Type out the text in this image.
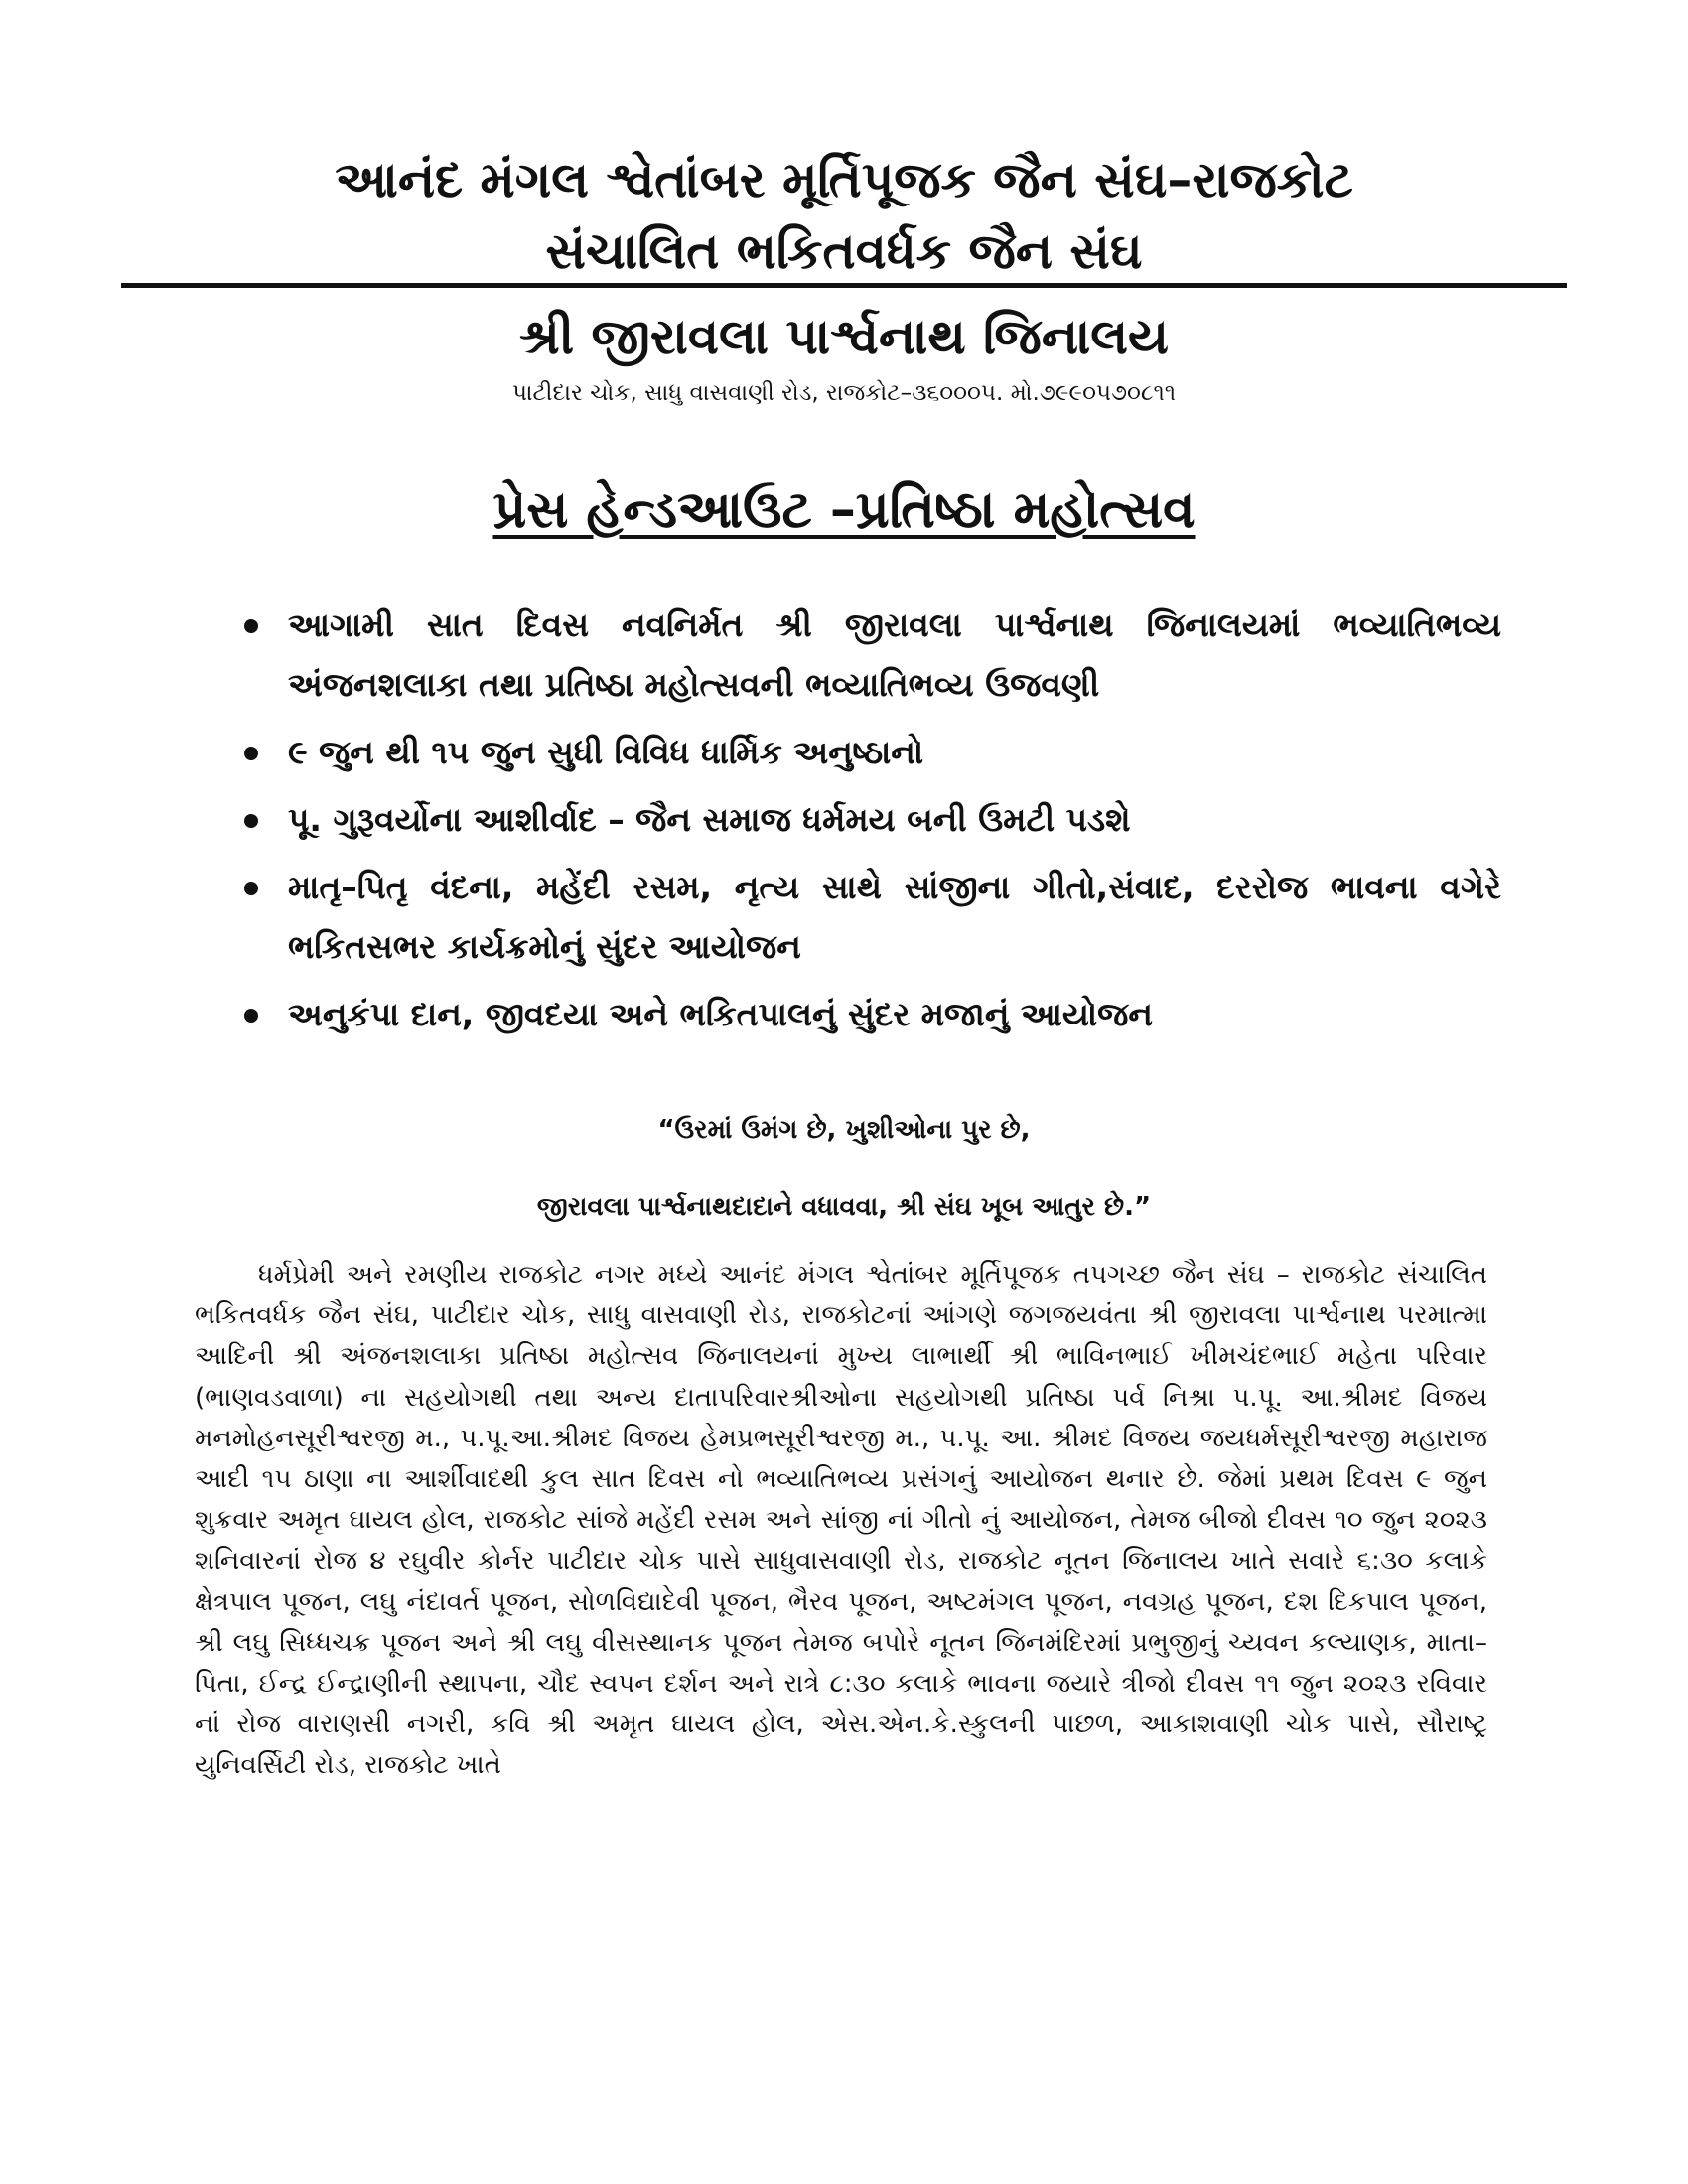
આનંદ મંગલ શ્વેતાંબર મૂર્તિપૂજક જૈન સંઘ–રાજકોટ
સંચાલિત ભકિતવર્ધક જૈન સંઘ
શ્રી જીરાવલા પાર્શ્વનાથ જિનાલય
પાટીદાર ચોક, સાધુ વાસવાણી રોડ, રાજકોટ–૩૬૦૦૦૫. મો.૭૯૯૦૫૭૦૮૧૧
પ્રેસ હેન્ડઆઉટ –પ્રતિષ્ઠા મહોત્સવ
આગામી સાત દિવસ નવનિર્મત શ્રી જીરાવલા પાર્શ્વનાથ જિનાલયમાં ભવ્યાતિભવ્ય અંજનશલાકા તથા પ્રતિષ્ઠા મહોત્સવની ભવ્યાતિભવ્ય ઉજવણી
૯ જુન થી ૧૫ જુન સુધી વિવિધ ધાર્મિક અનુષ્ઠાનો
પૂ. ગુરૂવર્યોના આશીર્વાદ – જૈન સમાજ ધર્મમય બની ઉમટી પડશે
માતૃ–પિતૃ વંદના, મહેંદી રસમ, નૃત્ય સાથે સાંજીના ગીતો,સંવાદ, દરરોજ ભાવના વગેરે ભકિતસભર કાર્યક્રમોનું સુંદર આયોજન
અનુકંપા દાન, જીવદયા અને ભકિતપાલનું સુંદર મજાનું આયોજન
“ઉરમાં ઉમંગ છે, ખુશીઓના પુર છે,
જીરાવલા પાર્શ્વનાથદાદાને વધાવવા, શ્રી સંઘ ખૂબ આતુર છે.”

ધર્મપ્રેમી અને રમણીય રાજકોટ નગર મધ્યે આનંદ મંગલ શ્વેતાંબર મૂર્તિપૂજક તપગચ્છ જૈન સંઘ – રાજકોટ સંચાલિત ભકિતવર્ધક જૈન સંઘ, પાટીદાર ચોક, સાધુ વાસવાણી રોડ, રાજકોટનાં આંગણે જગજયવંતા શ્રી જીરાવલા પાર્શ્વનાથ પરમાત્મા આદિની શ્રી અંજનશલાકા પ્રતિષ્ઠા મહોત્સવ જિનાલયનાં મુખ્ય લાભાર્થી શ્રી ભાવિનભાઈ ખીમચંદભાઈ મહેતા પરિવાર (ભાણવડવાળા) ના સહયોગથી તથા અન્ય દાતાપરિવારશ્રીઓના સહયોગથી પ્રતિષ્ઠા પર્વ નિશ્રા પ.પૂ. આ.શ્રીમદ વિજય મનમોહનસૂરીશ્વરજી મ., પ.પૂ.આ.શ્રીમદ વિજય હેમપ્રભસૂરીશ્વરજી મ., પ.પૂ. આ. શ્રીમદ વિજય જયધર્મસૂરીશ્વરજી મહારાજ આદી ૧૫ ઠાણા ના આર્શીવાદથી કુલ સાત દિવસ નો ભવ્યાતિભવ્ય પ્રસંગનું આયોજન થનાર છે. જેમાં પ્રથમ દિવસ ૯ જુન શુક્રવાર અમૃત ઘાયલ હોલ, રાજકોટ સાંજે મહેંદી રસમ અને સાંજી નાં ગીતો નું આયોજન, તેમજ બીજો દીવસ ૧૦ જુન ૨૦૨૩ શનિવારનાં રોજ ૪ રઘુવીર કોર્નર પાટીદાર ચોક પાસે સાધુવાસવાણી રોડ, રાજકોટ નૂતન જિનાલય ખાતે સવારે ૬:૩૦ કલાકે ક્ષેત્રપાલ પૂજન, લઘુ નંદાવર્ત પૂજન, સોળવિદ્યાદેવી પૂજન, ભૈરવ પૂજન, અષ્ટમંગલ પૂજન, નવગ્રહ પૂજન, દશ દિકપાલ પૂજન, શ્રી લઘુ સિધ્ધચક્ર પૂજન અને શ્રી લઘુ વીસસ્થાનક પૂજન તેમજ બપોરે નૂતન જિનમંદિરમાં પ્રભુજીનું ચ્યવન કલ્યાણક, માતા–પિતા, ઈન્દ્ર ઈન્દ્રાણીની સ્થાપના, ચૌદ સ્વપન દર્શન અને રાત્રે ૮:૩૦ કલાકે ભાવના જયારે ત્રીજો દીવસ ૧૧ જુન ૨૦૨૩ રવિવાર નાં રોજ વારાણસી નગરી, કવિ શ્રી અમૃત ઘાયલ હોલ, એસ.એન.કે.સ્કુલની પાછળ, આકાશવાણી ચોક પાસે, સૌરાષ્ટ્ર યુનિવર્સિટી રોડ, રાજકોટ ખાતે
